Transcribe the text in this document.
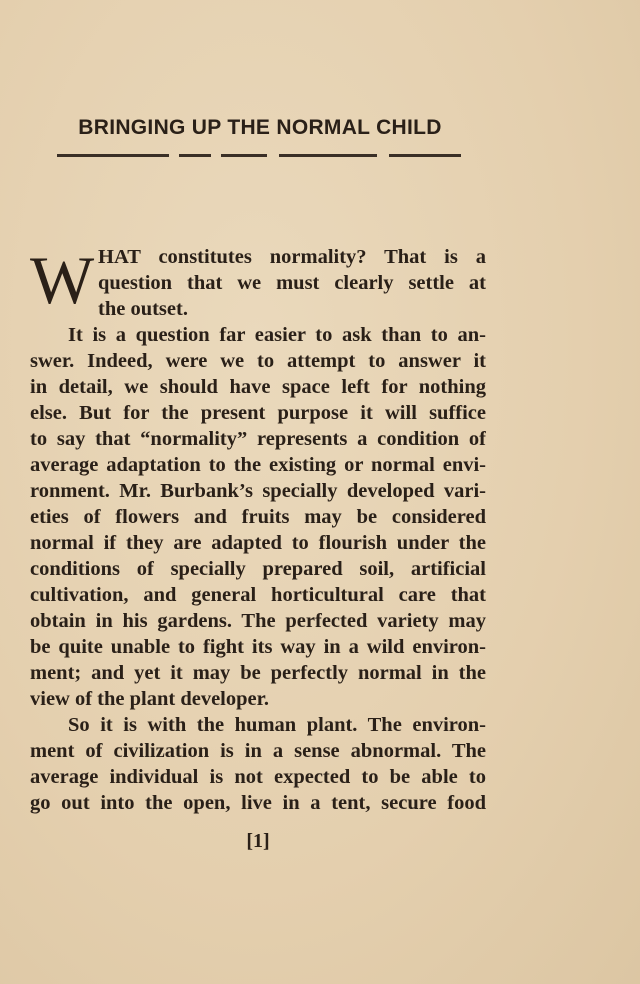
BRINGING UP THE NORMAL CHILD
W HAT constitutes normality? That is a
question that we must clearly settle at
the outset.
It is a question far easier to ask than to an-
swer. Indeed, were we to attempt to answer it
in detail, we should have space left for nothing
else. But for the present purpose it will suffice
to say that “normality” represents a condition of
average adaptation to the existing or normal envi-
ronment. Mr. Burbank’s specially developed vari-
eties of flowers and fruits may be considered
normal if they are adapted to flourish under the
conditions of specially prepared soil, artificial
cultivation, and general horticultural care that
obtain in his gardens. The perfected variety may
be quite unable to fight its way in a wild environ-
ment; and yet it may be perfectly normal in the
view of the plant developer.
So it is with the human plant. The environ-
ment of civilization is in a sense abnormal. The
average individual is not expected to be able to
go out into the open, live in a tent, secure food
[1]
